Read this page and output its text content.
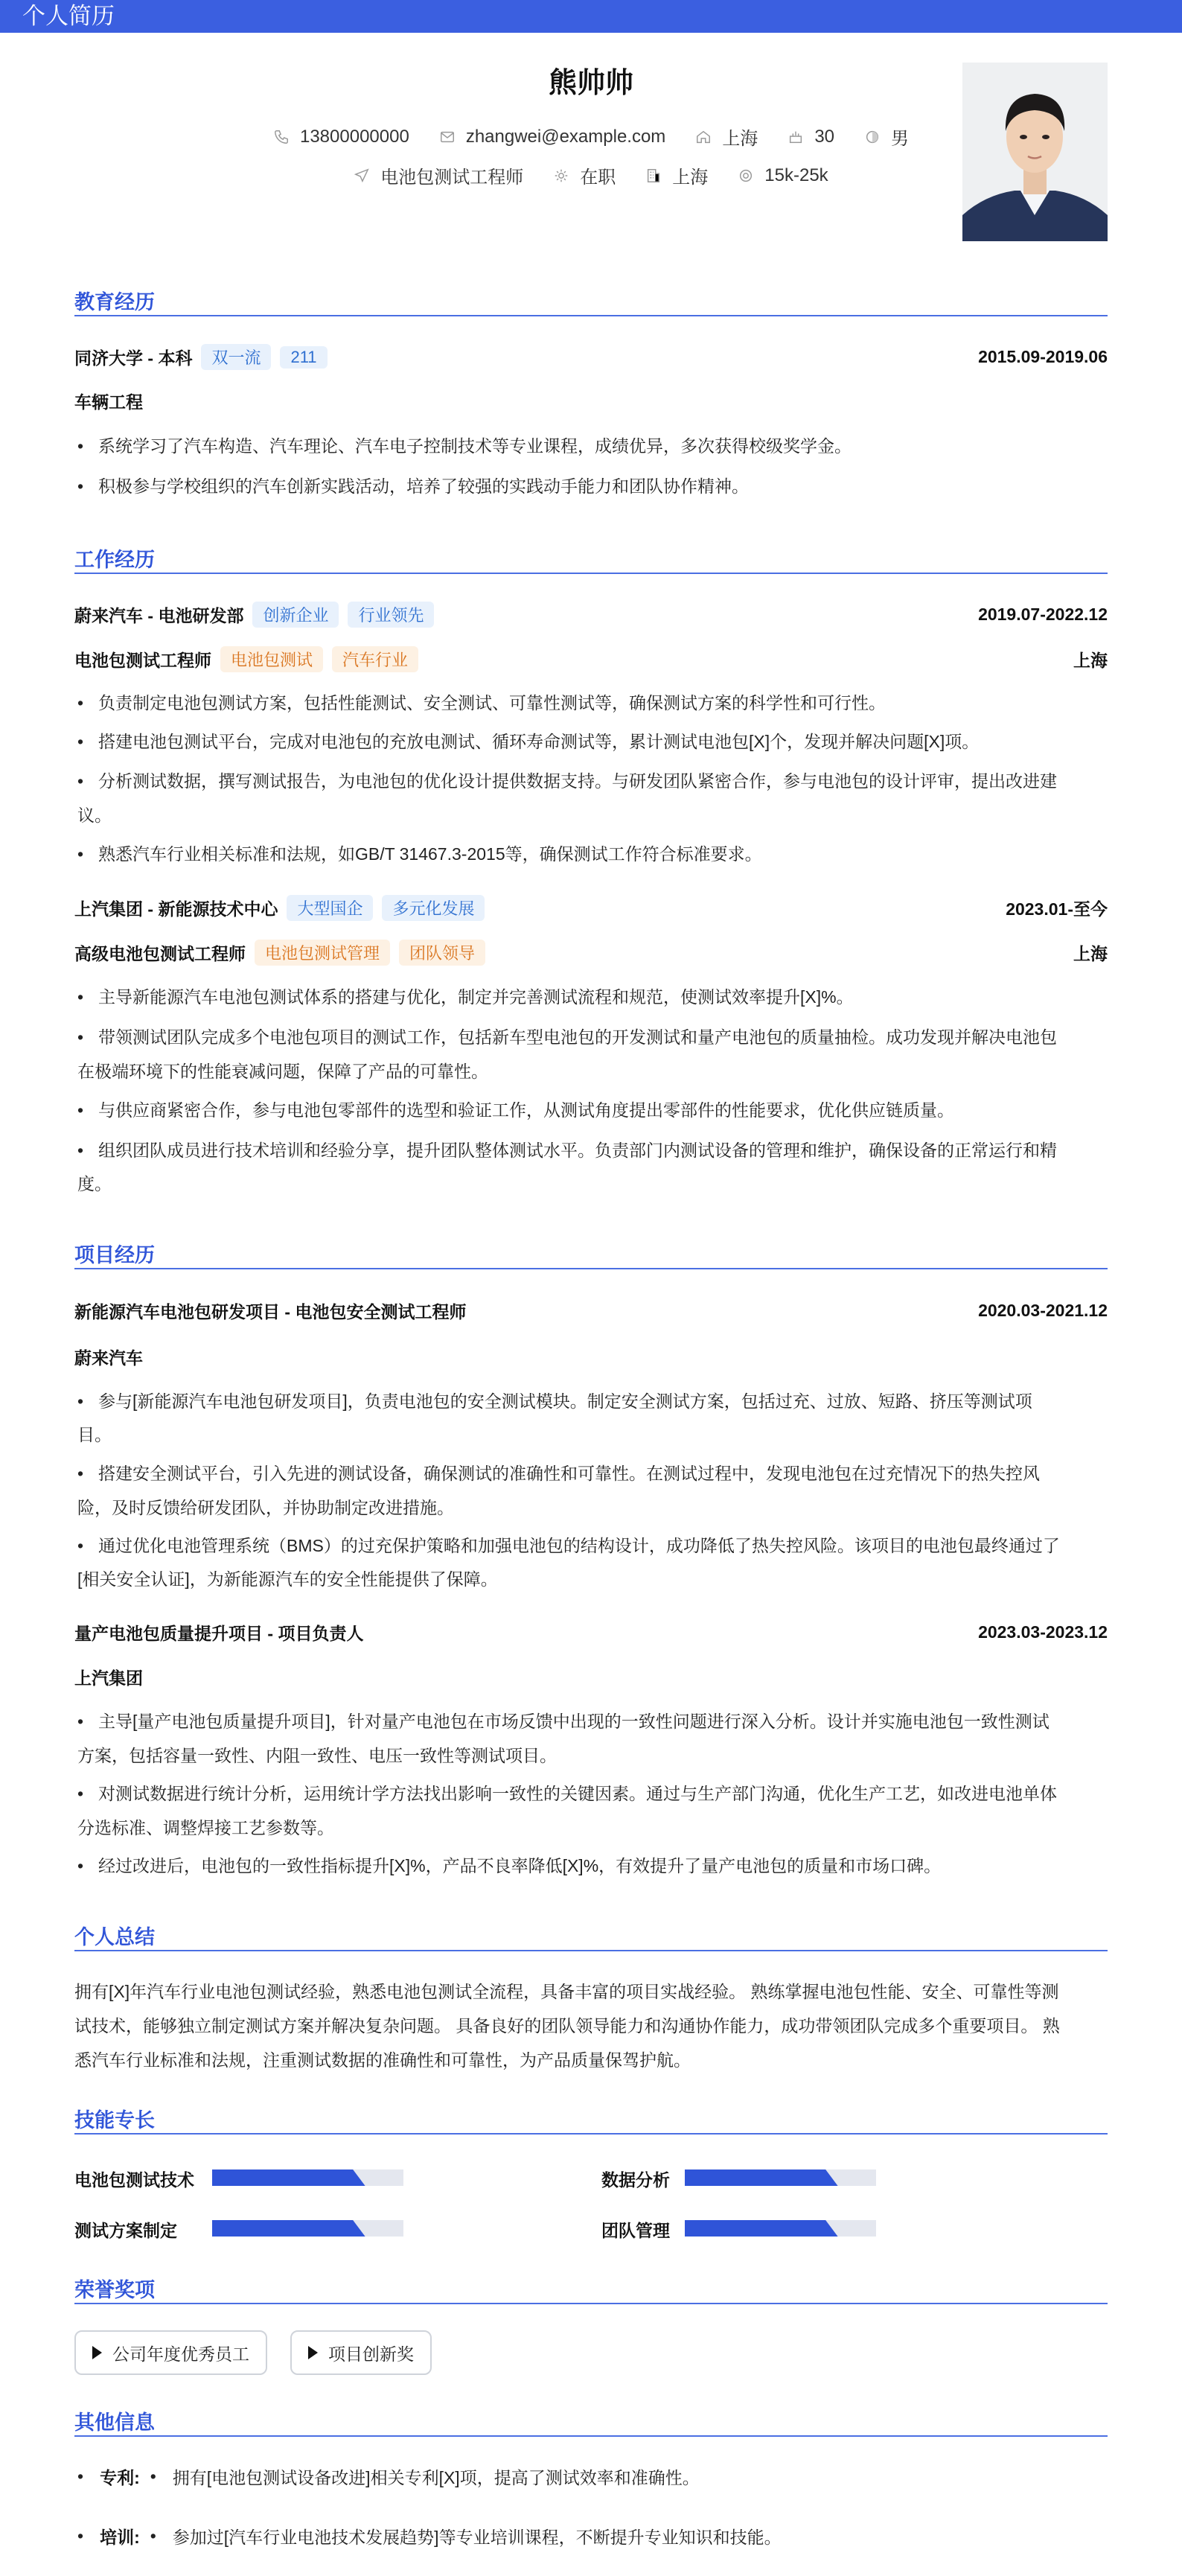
个人简历
熊帅帅
13800000000	zhangwei@example.com	上海	30	男
电池包测试工程师	在职	上海	15k-25k
教育经历
同济大学 - 本科	双一流	211	2015.09-2019.06
车辆工程
• 系统学习了汽车构造、汽车理论、汽车电子控制技术等专业课程，成绩优异，多次获得校级奖学金。
• 积极参与学校组织的汽车创新实践活动，培养了较强的实践动手能力和团队协作精神。
工作经历
蔚来汽车 - 电池研发部	创新企业	行业领先	2019.07-2022.12
电池包测试工程师	电池包测试	汽车行业	上海
• 负责制定电池包测试方案，包括性能测试、安全测试、可靠性测试等，确保测试方案的科学性和可行性。
• 搭建电池包测试平台，完成对电池包的充放电测试、循环寿命测试等，累计测试电池包[X]个，发现并解决问题[X]项。
• 分析测试数据，撰写测试报告，为电池包的优化设计提供数据支持。与研发团队紧密合作，参与电池包的设计评审，提出改进建
议。
• 熟悉汽车行业相关标准和法规，如GB/T 31467.3-2015等，确保测试工作符合标准要求。
上汽集团 - 新能源技术中心	大型国企	多元化发展	2023.01-至今
高级电池包测试工程师	电池包测试管理	团队领导	上海
• 主导新能源汽车电池包测试体系的搭建与优化，制定并完善测试流程和规范，使测试效率提升[X]%。
• 带领测试团队完成多个电池包项目的测试工作，包括新车型电池包的开发测试和量产电池包的质量抽检。成功发现并解决电池包
在极端环境下的性能衰减问题，保障了产品的可靠性。
• 与供应商紧密合作，参与电池包零部件的选型和验证工作，从测试角度提出零部件的性能要求，优化供应链质量。
• 组织团队成员进行技术培训和经验分享，提升团队整体测试水平。负责部门内测试设备的管理和维护，确保设备的正常运行和精
度。
项目经历
新能源汽车电池包研发项目 - 电池包安全测试工程师	2020.03-2021.12
蔚来汽车
• 参与[新能源汽车电池包研发项目]，负责电池包的安全测试模块。制定安全测试方案，包括过充、过放、短路、挤压等测试项
目。
• 搭建安全测试平台，引入先进的测试设备，确保测试的准确性和可靠性。在测试过程中，发现电池包在过充情况下的热失控风
险，及时反馈给研发团队，并协助制定改进措施。
• 通过优化电池管理系统（BMS）的过充保护策略和加强电池包的结构设计，成功降低了热失控风险。该项目的电池包最终通过了
[相关安全认证]，为新能源汽车的安全性能提供了保障。
量产电池包质量提升项目 - 项目负责人	2023.03-2023.12
上汽集团
• 主导[量产电池包质量提升项目]，针对量产电池包在市场反馈中出现的一致性问题进行深入分析。设计并实施电池包一致性测试
方案，包括容量一致性、内阻一致性、电压一致性等测试项目。
• 对测试数据进行统计分析，运用统计学方法找出影响一致性的关键因素。通过与生产部门沟通，优化生产工艺，如改进电池单体
分选标准、调整焊接工艺参数等。
• 经过改进后，电池包的一致性指标提升[X]%，产品不良率降低[X]%，有效提升了量产电池包的质量和市场口碑。
个人总结
拥有[X]年汽车行业电池包测试经验，熟悉电池包测试全流程，具备丰富的项目实战经验。 熟练掌握电池包性能、安全、可靠性等测
试技术，能够独立制定测试方案并解决复杂问题。 具备良好的团队领导能力和沟通协作能力，成功带领团队完成多个重要项目。 熟
悉汽车行业标准和法规，注重测试数据的准确性和可靠性，为产品质量保驾护航。
技能专长
电池包测试技术	数据分析
测试方案制定	团队管理
荣誉奖项
公司年度优秀员工	项目创新奖
其他信息
• 专利: • 拥有[电池包测试设备改进]相关专利[X]项，提高了测试效率和准确性。
• 培训: • 参加过[汽车行业电池技术发展趋势]等专业培训课程，不断提升专业知识和技能。
